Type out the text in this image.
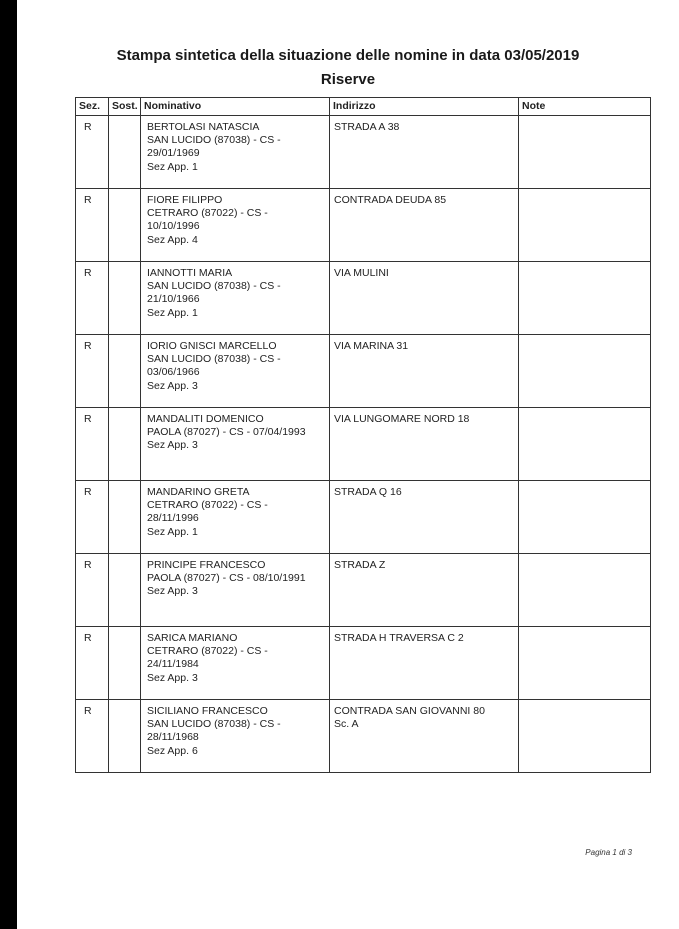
Stampa sintetica della situazione delle nomine in data 03/05/2019
Riserve
Sez.	Sost.	Nominativo	Indirizzo	Note

R		BERTOLASI NATASCIA
SAN LUCIDO (87038) - CS -
29/01/1969
Sez App. 1	STRADA A 38	

R		FIORE FILIPPO
CETRARO (87022) - CS -
10/10/1996
Sez App. 4	CONTRADA DEUDA 85	

R		IANNOTTI MARIA
SAN LUCIDO (87038) - CS -
21/10/1966
Sez App. 1	VIA MULINI	

R		IORIO GNISCI MARCELLO
SAN LUCIDO (87038) - CS -
03/06/1966
Sez App. 3	VIA MARINA 31	

R		MANDALITI DOMENICO
PAOLA (87027) - CS - 07/04/1993
Sez App. 3	VIA LUNGOMARE NORD 18	

R		MANDARINO GRETA
CETRARO (87022) - CS -
28/11/1996
Sez App. 1	STRADA Q 16	

R		PRINCIPE FRANCESCO
PAOLA (87027) - CS - 08/10/1991
Sez App. 3	STRADA Z	

R		SARICA MARIANO
CETRARO (87022) - CS -
24/11/1984
Sez App. 3	STRADA H TRAVERSA C 2	

R		SICILIANO FRANCESCO
SAN LUCIDO (87038) - CS -
28/11/1968
Sez App. 6	CONTRADA SAN GIOVANNI 80
Sc. A	

Pagina 1 di 3
